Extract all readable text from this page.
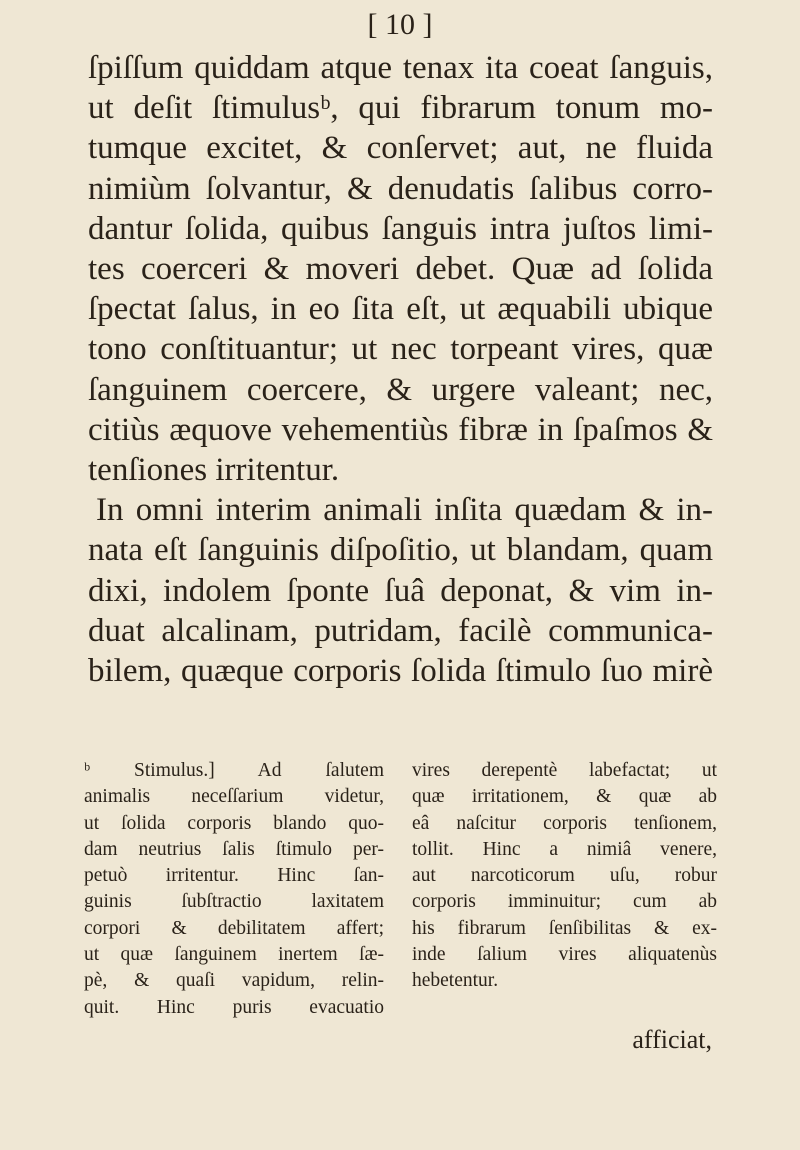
[ 10 ]
ſpiſſum quiddam atque tenax ita coeat ſanguis,
ut deſit ſtimulusᵇ, qui fibrarum tonum mo-
tumque excitet, & conſervet; aut, ne fluida
nimiùm ſolvantur, & denudatis ſalibus corro-
dantur ſolida, quibus ſanguis intra juſtos limi-
tes coerceri & moveri debet. Quæ ad ſolida
ſpectat ſalus, in eo ſita eſt, ut æquabili ubique
tono conſtituantur; ut nec torpeant vires, quæ
ſanguinem coercere, & urgere valeant; nec,
citiùs æquove vehementiùs fibræ in ſpaſmos &
tenſiones irritentur.
In omni interim animali inſita quædam & in-
nata eſt ſanguinis diſpoſitio, ut blandam, quam
dixi, indolem ſponte ſuâ deponat, & vim in-
duat alcalinam, putridam, facilè communica-
bilem, quæque corporis ſolida ſtimulo ſuo mirè
ᵇ Stimulus.] Ad ſalutem
animalis neceſſarium videtur,
ut ſolida corporis blando quo-
dam neutrius ſalis ſtimulo per-
petuò irritentur. Hinc ſan-
guinis ſubſtractio laxitatem
corpori & debilitatem affert;
ut quæ ſanguinem inertem ſæ-
pè, & quaſi vapidum, relin-
quit. Hinc puris evacuatio
vires derepentè labefactat; ut
quæ irritationem, & quæ ab
eâ naſcitur corporis tenſionem,
tollit. Hinc a nimiâ venere,
aut narcoticorum uſu, robur
corporis imminuitur; cum ab
his fibrarum ſenſibilitas & ex-
inde ſalium vires aliquatenùs
hebetentur.
afficiat,
